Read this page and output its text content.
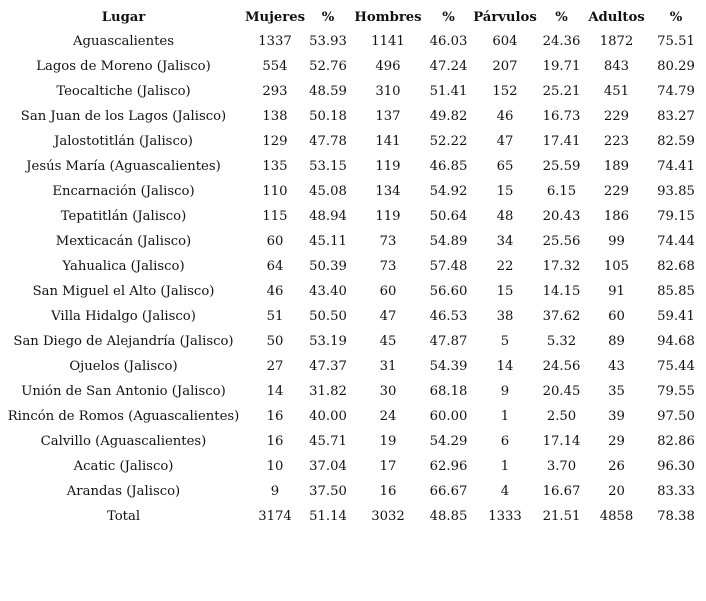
Lugar	Mujeres	%	Hombres	%	Párvulos	%	Adultos	%
Aguascalientes	1337	53.93	1141	46.03	604	24.36	1872	75.51
Lagos de Moreno (Jalisco)	554	52.76	496	47.24	207	19.71	843	80.29
Teocaltiche (Jalisco)	293	48.59	310	51.41	152	25.21	451	74.79
San Juan de los Lagos (Jalisco)	138	50.18	137	49.82	46	16.73	229	83.27
Jalostotitlán (Jalisco)	129	47.78	141	52.22	47	17.41	223	82.59
Jesús María (Aguascalientes)	135	53.15	119	46.85	65	25.59	189	74.41
Encarnación (Jalisco)	110	45.08	134	54.92	15	6.15	229	93.85
Tepatitlán (Jalisco)	115	48.94	119	50.64	48	20.43	186	79.15
Mexticacán (Jalisco)	60	45.11	73	54.89	34	25.56	99	74.44
Yahualica (Jalisco)	64	50.39	73	57.48	22	17.32	105	82.68
San Miguel el Alto (Jalisco)	46	43.40	60	56.60	15	14.15	91	85.85
Villa Hidalgo (Jalisco)	51	50.50	47	46.53	38	37.62	60	59.41
San Diego de Alejandría (Jalisco)	50	53.19	45	47.87	5	5.32	89	94.68
Ojuelos (Jalisco)	27	47.37	31	54.39	14	24.56	43	75.44
Unión de San Antonio (Jalisco)	14	31.82	30	68.18	9	20.45	35	79.55
Rincón de Romos (Aguascalientes)	16	40.00	24	60.00	1	2.50	39	97.50
Calvillo (Aguascalientes)	16	45.71	19	54.29	6	17.14	29	82.86
Acatic (Jalisco)	10	37.04	17	62.96	1	3.70	26	96.30
Arandas (Jalisco)	9	37.50	16	66.67	4	16.67	20	83.33
Total	3174	51.14	3032	48.85	1333	21.51	4858	78.38
